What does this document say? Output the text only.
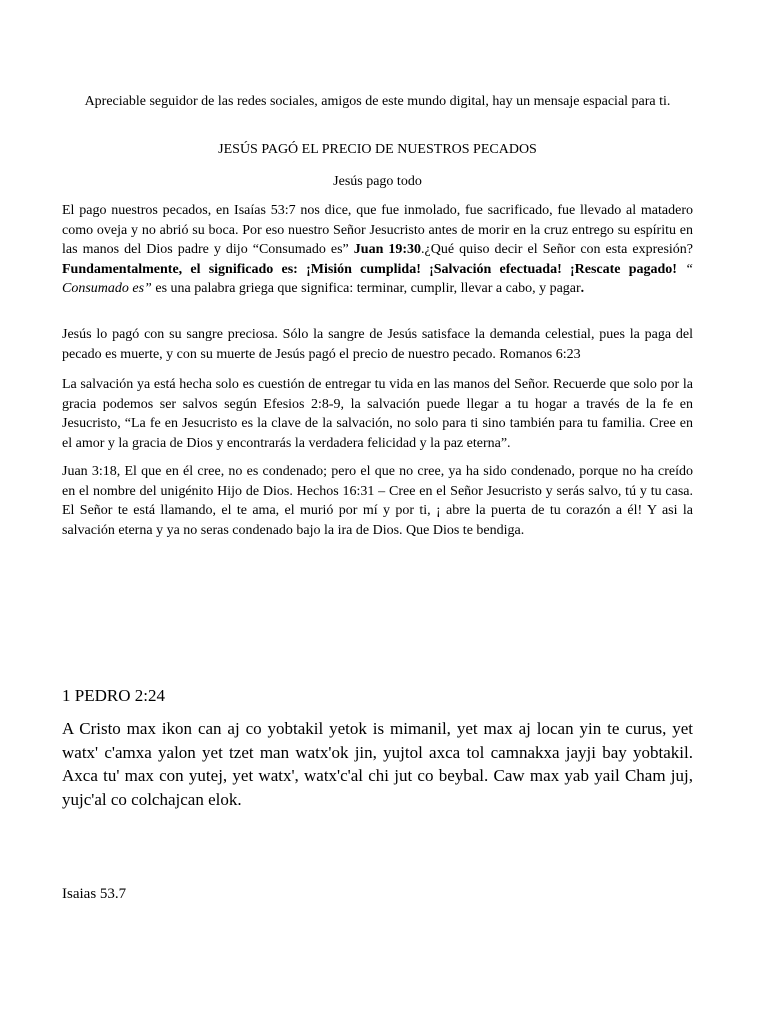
Apreciable seguidor de las redes sociales, amigos de este mundo digital, hay un mensaje espacial para ti.

JESÚS PAGÓ EL PRECIO DE NUESTROS PECADOS

Jesús pago todo

El pago nuestros pecados, en Isaías 53:7 nos dice, que fue inmolado, fue sacrificado, fue llevado al matadero como oveja y no abrió su boca. Por eso nuestro Señor Jesucristo antes de morir en la cruz entrego su espíritu en las manos del Dios padre y dijo “Consumado es” Juan 19:30.¿Qué quiso decir el Señor con esta expresión? Fundamentalmente, el significado es: ¡Misión cumplida! ¡Salvación efectuada! ¡Rescate pagado! “ Consumado es” es una palabra griega que significa: terminar, cumplir, llevar a cabo, y pagar.

Jesús lo pagó con su sangre preciosa. Sólo la sangre de Jesús satisface la demanda celestial, pues la paga del pecado es muerte, y con su muerte de Jesús pagó el precio de nuestro pecado. Romanos 6:23

La salvación ya está hecha solo es cuestión de entregar tu vida en las manos del Señor. Recuerde que solo por la gracia podemos ser salvos según Efesios 2:8-9, la salvación puede llegar a tu hogar a través de la fe en Jesucristo, “La fe en Jesucristo es la clave de la salvación, no solo para ti sino también para tu familia. Cree en el amor y la gracia de Dios y encontrarás la verdadera felicidad y la paz eterna”.

Juan 3:18, El que en él cree, no es condenado; pero el que no cree, ya ha sido condenado, porque no ha creído en el nombre del unigénito Hijo de Dios. Hechos 16:31 – Cree en el Señor Jesucristo y serás salvo, tú y tu casa. El Señor te está llamando, el te ama, el murió por mí y por ti, ¡ abre la puerta de tu corazón a él! Y asi la salvación eterna y ya no seras condenado bajo la ira de Dios. Que Dios te bendiga.

1 PEDRO 2:24

A Cristo max ikon can aj co yobtakil yetok is mimanil, yet max aj locan yin te curus, yet watx' c'amxa yalon yet tzet man watx'ok jin, yujtol axca tol camnakxa jayji bay yobtakil. Axca tu' max con yutej, yet watx', watx'c'al chi jut co beybal. Caw max yab yail Cham juj, yujc'al co colchajcan elok.

Isaias 53.7
